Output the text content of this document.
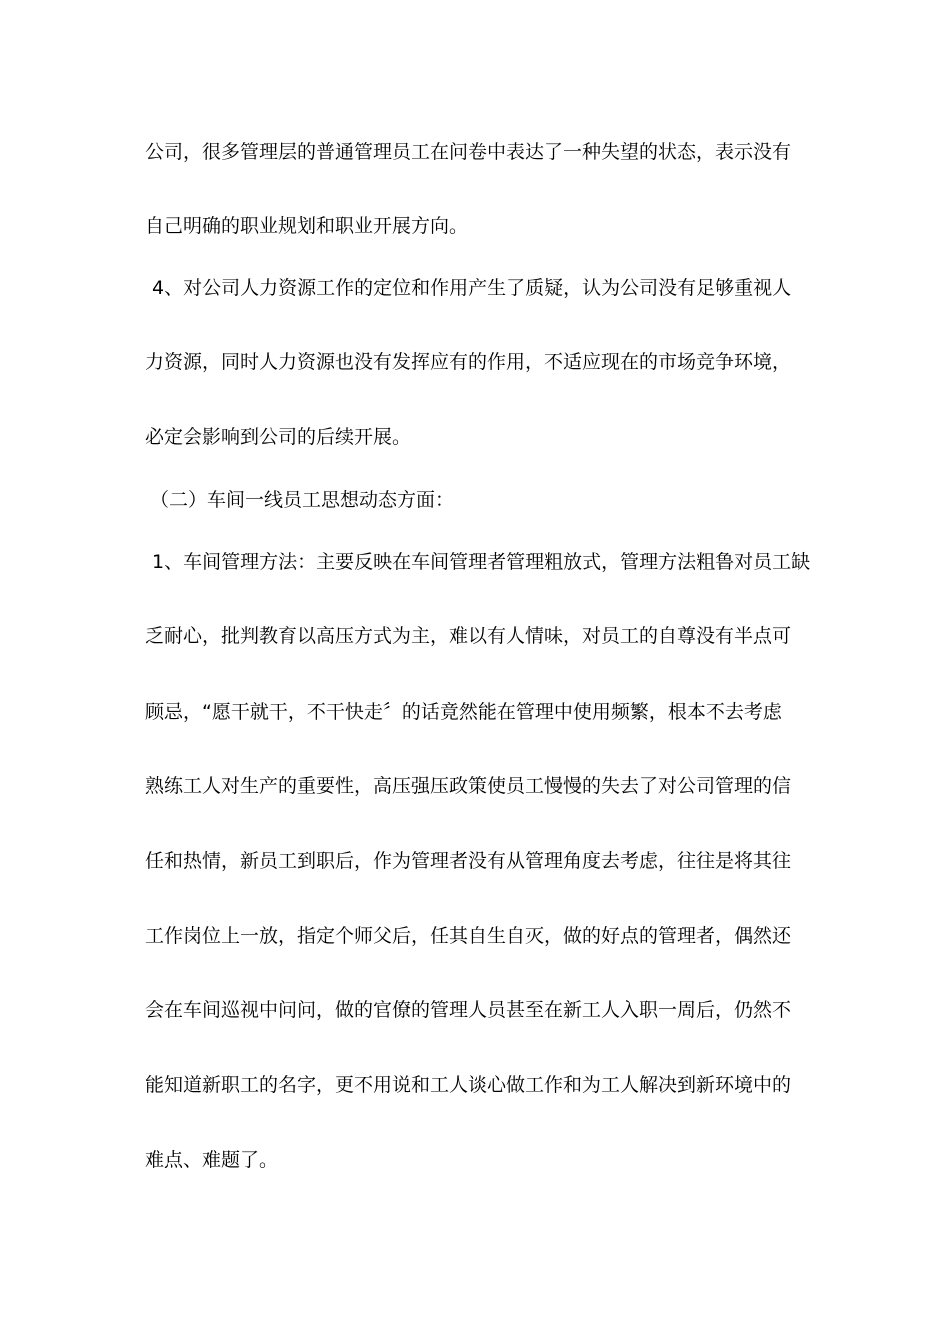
公司，很多管理层的普通管理员工在问卷中表达了一种失望的状态，表示没有
自己明确的职业规划和职业开展方向。
4、对公司人力资源工作的定位和作用产生了质疑，认为公司没有足够重视人
力资源，同时人力资源也没有发挥应有的作用，不适应现在的市场竞争环境，
必定会影响到公司的后续开展。
（二）车间一线员工思想动态方面：
1、车间管理方法：主要反映在车间管理者管理粗放式，管理方法粗鲁对员工缺
乏耐心，批判教育以高压方式为主，难以有人情味，对员工的自尊没有半点可
顾忌，“愿干就干，不干快走〞的话竟然能在管理中使用频繁，根本不去考虑
熟练工人对生产的重要性，高压强压政策使员工慢慢的失去了对公司管理的信
任和热情，新员工到职后，作为管理者没有从管理角度去考虑，往往是将其往
工作岗位上一放，指定个师父后，任其自生自灭，做的好点的管理者，偶然还
会在车间巡视中问问，做的官僚的管理人员甚至在新工人入职一周后，仍然不
能知道新职工的名字，更不用说和工人谈心做工作和为工人解决到新环境中的
难点、难题了。
